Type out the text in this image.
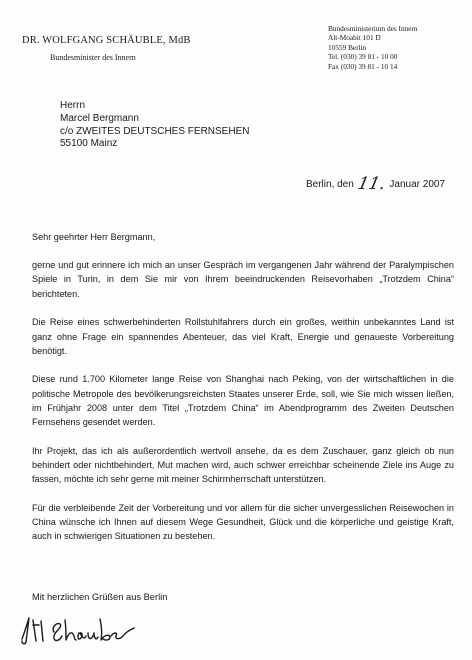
DR. WOLFGANG SCHÄUBLE, MdB
Bundesminister des Innern
Bundesministerium des Innern
Alt-Moabit 101 D
10559 Berlin
Tel. (030) 39 81 - 10 00
Fax (030) 39 81 - 10 14
Herrn
Marcel Bergmann
c/o ZWEITES DEUTSCHES FERNSEHEN
55100 Mainz
Berlin, den 11. Januar 2007

Sehr geehrter Herr Bergmann,

gerne und gut erinnere ich mich an unser Gespräch im vergangenen Jahr während der Paralympischen Spiele in Turin, in dem Sie mir von Ihrem beeindruckenden Reisevorhaben „Trotzdem China“ berichteten.

Die Reise eines schwerbehinderten Rollstuhlfahrers durch ein großes, weithin unbekanntes Land ist ganz ohne Frage ein spannendes Abenteuer, das viel Kraft, Energie und genaueste Vorbereitung benötigt.

Diese rund 1.700 Kilometer lange Reise von Shanghai nach Peking, von der wirtschaftlichen in die politische Metropole des bevölkerungsreichsten Staates unserer Erde, soll, wie Sie mich wissen ließen, im Frühjahr 2008 unter dem Titel „Trotzdem China“ im Abendprogramm des Zweiten Deutschen Fernsehens gesendet werden.

Ihr Projekt, das ich als außerordentlich wertvoll ansehe, da es dem Zuschauer, ganz gleich ob nun behindert oder nichtbehindert, Mut machen wird, auch schwer erreichbar scheinende Ziele ins Auge zu fassen, möchte ich sehr gerne mit meiner Schirmherrschaft unterstützen.

Für die verbleibende Zeit der Vorbereitung und vor allem für die sicher unvergesslichen Reisewochen in China wünsche ich Ihnen auf diesem Wege Gesundheit, Glück und die körperliche und geistige Kraft, auch in schwierigen Situationen zu bestehen.

Mit herzlichen Grüßen aus Berlin
